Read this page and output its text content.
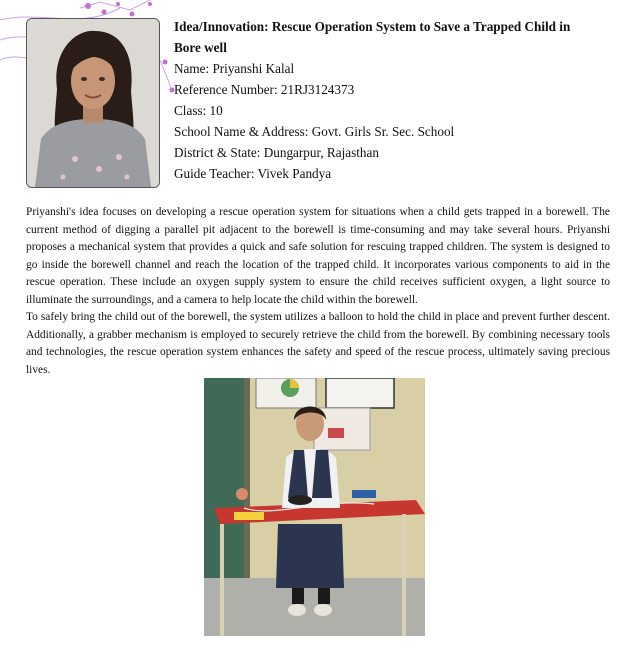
Idea/Innovation: Rescue Operation System to Save a Trapped Child in Bore well
Name: Priyanshi Kalal
Reference Number: 21RJ3124373
Class: 10
School Name & Address: Govt. Girls Sr. Sec. School
District & State: Dungarpur, Rajasthan
Guide Teacher: Vivek Pandya

Priyanshi's idea focuses on developing a rescue operation system for situations when a child gets trapped in a borewell. The current method of digging a parallel pit adjacent to the borewell is time-consuming and may take several hours. Priyanshi proposes a mechanical system that provides a quick and safe solution for rescuing trapped children. The system is designed to go inside the borewell channel and reach the location of the trapped child. It incorporates various components to aid in the rescue operation. These include an oxygen supply system to ensure the child receives sufficient oxygen, a light source to illuminate the surroundings, and a camera to help locate the child within the borewell.

To safely bring the child out of the borewell, the system utilizes a balloon to hold the child in place and prevent further descent. Additionally, a grabber mechanism is employed to securely retrieve the child from the borewell. By combining necessary tools and technologies, the rescue operation system enhances the safety and speed of the rescue process, ultimately saving precious lives.
